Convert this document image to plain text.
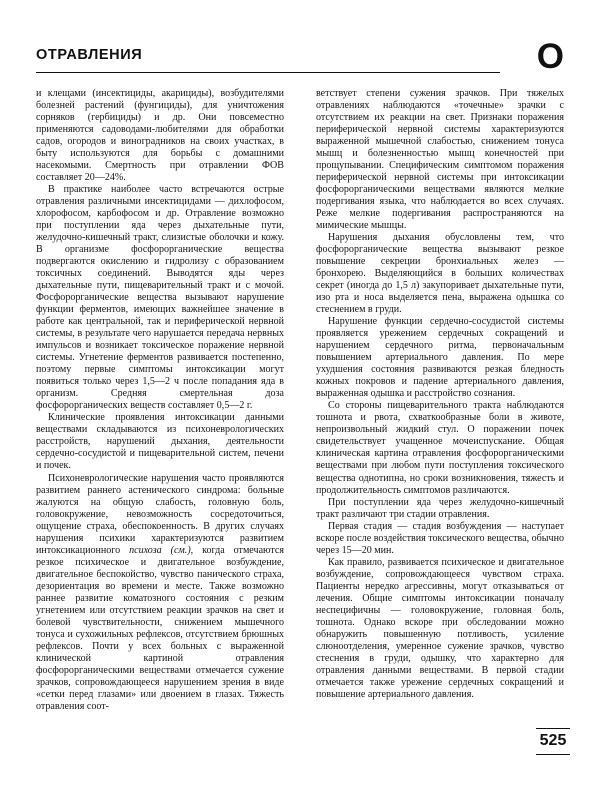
ОТРАВЛЕНИЯ	О

и клещами (инсектициды, акарициды), возбудителями болезней растений (фунгициды), для уничтожения сорняков (гербициды) и др. Они повсеместно применяются садоводами-любителями для обработки садов, огородов и виноградников на своих участках, в быту используются для борьбы с домашними насекомыми. Смертность при отравлении ФОВ составляет 20—24%.

В практике наиболее часто встречаются острые отравления различными инсектицидами — дихлофосом, хлорофосом, карбофосом и др. Отравление возможно при поступлении яда через дыхательные пути, желудочно-кишечный тракт, слизистые оболочки и кожу. В организме фосфорорганические вещества подвергаются окислению и гидролизу с образованием токсичных соединений. Выводятся яды через дыхательные пути, пищеварительный тракт и с мочой. Фосфорорганические вещества вызывают нарушение функции ферментов, имеющих важнейшее значение в работе как центральной, так и периферической нервной системы, в результате чего нарушается передача нервных импульсов и возникает токсическое поражение нервной системы. Угнетение ферментов развивается постепенно, поэтому первые симптомы интоксикации могут появиться только через 1,5—2 ч после попадания яда в организм. Средняя смертельная доза фосфорорганических веществ составляет 0,5—2 г.

Клинические проявления интоксикации данными веществами складываются из психоневрологических расстройств, нарушений дыхания, деятельности сердечно-сосудистой и пищеварительной систем, печени и почек.

Психоневрологические нарушения часто проявляются развитием раннего астенического синдрома: больные жалуются на общую слабость, головную боль, головокружение, невозможность сосредоточиться, ощущение страха, обеспокоенность. В других случаях нарушения психики характеризуются развитием интоксикационного психоза (см.), когда отмечаются резкое психическое и двигательное возбуждение, двигательное беспокойство, чувство панического страха, дезориентация во времени и месте. Также возможно раннее развитие коматозного состояния с резким угнетением или отсутствием реакции зрачков на свет и болевой чувствительности, снижением мышечного тонуса и сухожильных рефлексов, отсутствием брюшных рефлексов. Почти у всех больных с выраженной клинической картиной отравления фосфорорганическими веществами отмечается сужение зрачков, сопровождающееся нарушением зрения в виде «сетки перед глазами» или двоением в глазах. Тяжесть отравления соот-

ветствует степени сужения зрачков. При тяжелых отравлениях наблюдаются «точечные» зрачки с отсутствием их реакции на свет. Признаки поражения периферической нервной системы характеризуются выраженной мышечной слабостью, снижением тонуса мышц и болезненностью мышц конечностей при прощупывании. Специфическим симптомом поражения периферической нервной системы при интоксикации фосфорорганическими веществами являются мелкие подергивания языка, что наблюдается во всех случаях. Реже мелкие подергивания распространяются на мимические мышцы.

Нарушения дыхания обусловлены тем, что фосфорорганические вещества вызывают резкое повышение секреции бронхиальных желез — бронхорею. Выделяющийся в больших количествах секрет (иногда до 1,5 л) закупоривает дыхательные пути, изо рта и носа выделяется пена, выражена одышка со стеснением в груди.

Нарушение функции сердечно-сосудистой системы проявляется урежением сердечных сокращений и нарушением сердечного ритма, первоначальным повышением артериального давления. По мере ухудшения состояния развиваются резкая бледность кожных покровов и падение артериального давления, выраженная одышка и расстройство сознания.

Со стороны пищеварительного тракта наблюдаются тошнота и рвота, схваткообразные боли в животе, непроизвольный жидкий стул. О поражении почек свидетельствует учащенное мочеиспускание. Общая клиническая картина отравления фосфорорганическими веществами при любом пути поступления токсического вещества однотипна, но сроки возникновения, тяжесть и продолжительность симптомов различаются.

При поступлении яда через желудочно-кишечный тракт различают три стадии отравления.

Первая стадия — стадия возбуждения — наступает вскоре после воздействия токсического вещества, обычно через 15—20 мин.

Как правило, развивается психическое и двигательное возбуждение, сопровождающееся чувством страха. Пациенты нередко агрессивны, могут отказываться от лечения. Общие симптомы интоксикации поначалу неспецифичны — головокружение, головная боль, тошнота. Однако вскоре при обследовании можно обнаружить повышенную потливость, усиление слюноотделения, умеренное сужение зрачков, чувство стеснения в груди, одышку, что характерно для отравления данными веществами. В первой стадии отмечается также урежение сердечных сокращений и повышение артериального давления.

525
